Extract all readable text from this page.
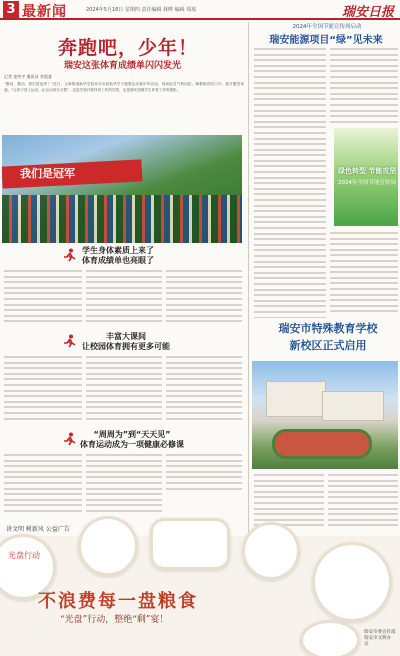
3 最新闻	2024年5月16日 星期四 责任编辑 林晔 编辑 周瑶	瑞安日报
奔跑吧，少年！
瑞安这张体育成绩单闪闪发光
记者 金传宇 通讯员 李凯睿
“霸凶，霸凶，我们是冠军！”近日，玉海街道新华学校举办首届新华学子健康运动嘉年华活动，现场队员气势如虹，喊着响亮的口号，展开激烈角逐。“让孩子爱上运动，让运动成为习惯”，这是学校开展体育工作的初衷，也是瑞安加强学生体育工作的缩影。
我们是冠军
学生身体素质上来了
体育成绩单也亮眼了
丰富大课间
让校园体育拥有更多可能
“周周为”到“天天见”
体育运动成为一项健康必修课
讲文明 树新风 公益广告
2024年全国节能宣传周启动
瑞安能源项目“绿”见未来
绿色转型 节能攻坚
2024年全国节能宣传周
瑞安市特殊教育学校
新校区正式启用
光盘行动
不浪费每一盘粮食
“光盘”行动，整绝“剩”宴！
瑞安市委宣传部
瑞安市文明办
宣
